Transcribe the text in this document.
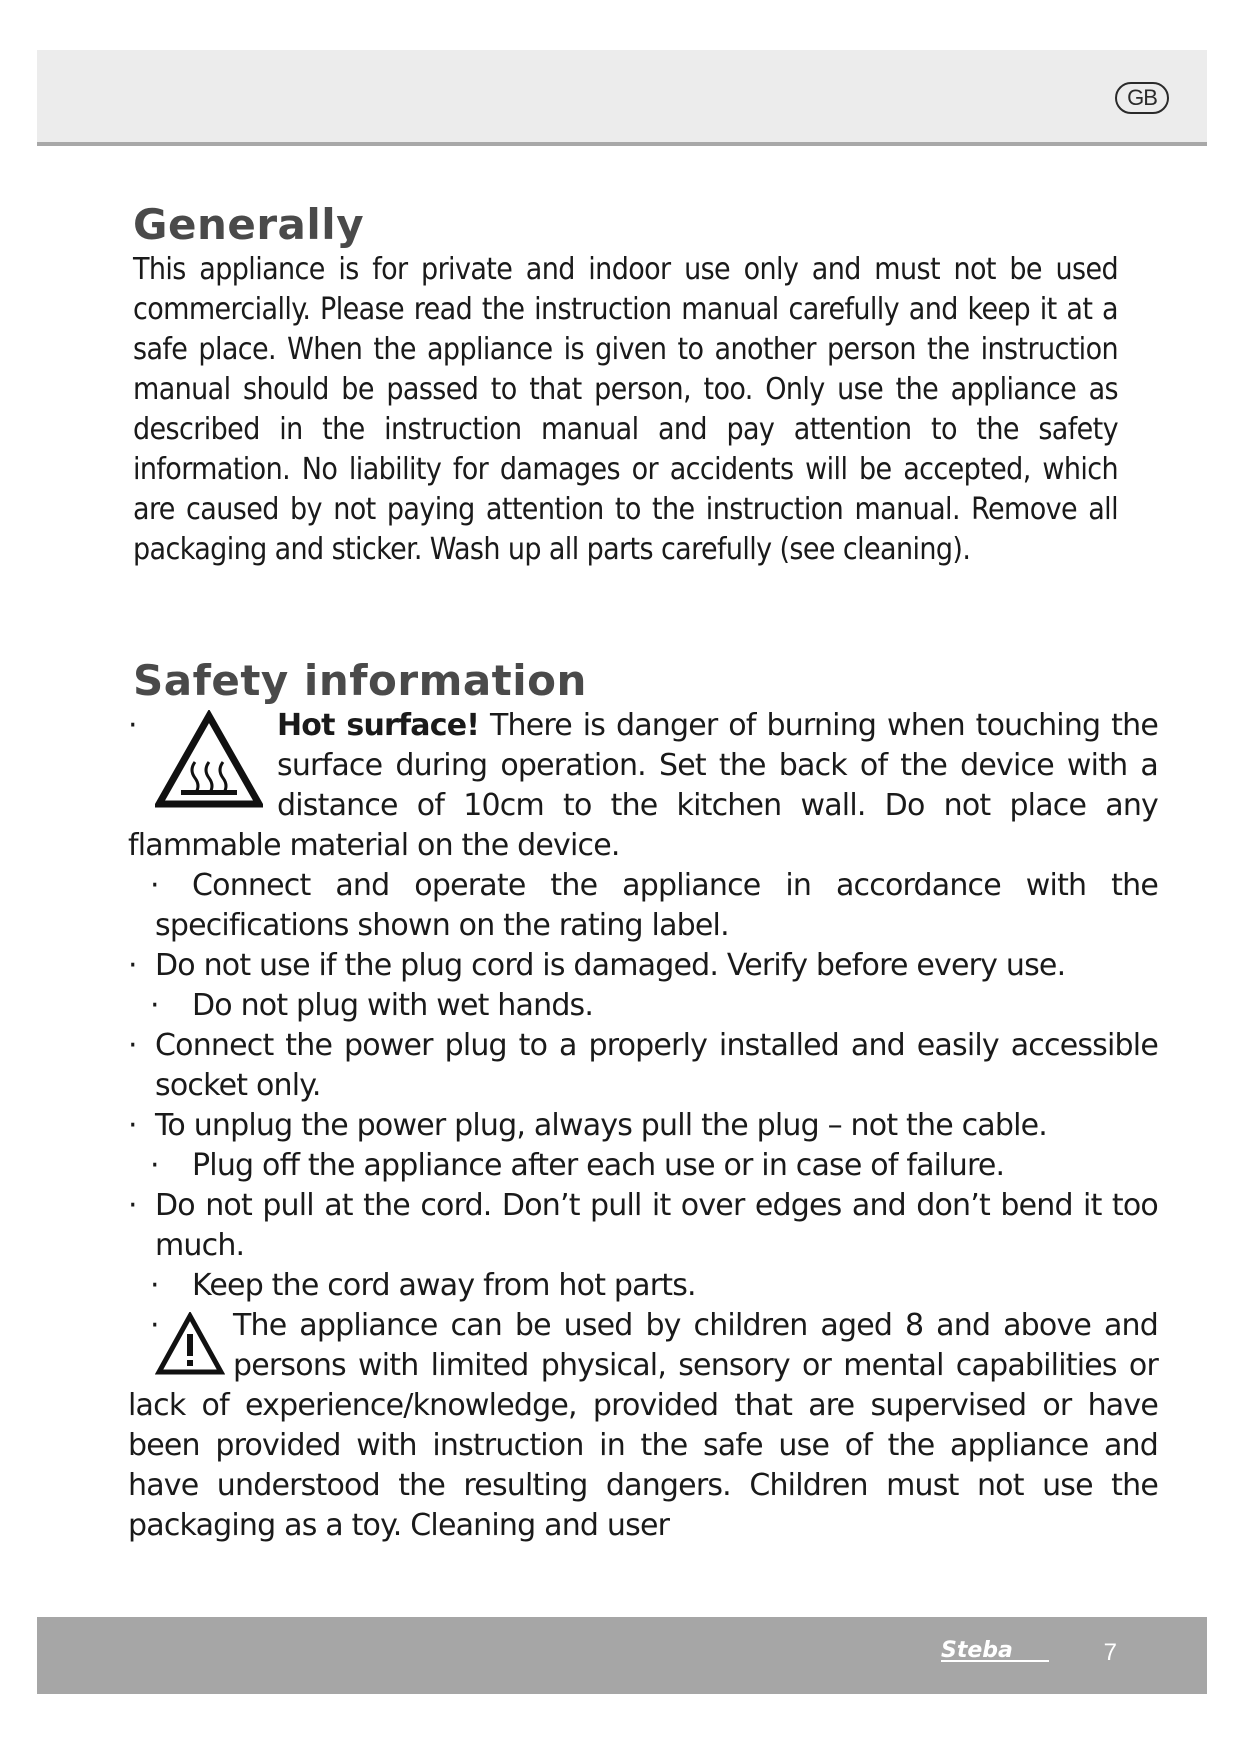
GB
Generally

This appliance is for private and indoor use only and must not be used commercially. Please read the instruction manual carefully and keep it at a safe place. When the appliance is given to another person the instruction manual should be passed to that person, too. Only use the appliance as described in the instruction manual and pay attention to the safety information. No liability for damages or accidents will be accepted, which are caused by not paying attention to the instruction manual. Remove all packaging and sticker. Wash up all parts carefully (see cleaning).

Safety information
·	Hot surface! There is danger of burning when touching the surface during operation. Set the back of the device with a distance of 10cm to the kitchen wall. Do not place any flammable material on the device.
·	Connect and operate the appliance in accordance with the specifications shown on the rating label.
· Do not use if the plug cord is damaged. Verify before every use.
·	Do not plug with wet hands.
· Connect the power plug to a properly installed and easily accessible socket only.
· To unplug the power plug, always pull the plug – not the cable.
·	Plug off the appliance after each use or in case of failure.
· Do not pull at the cord. Don’t pull it over edges and don’t bend it too much.
·	Keep the cord away from hot parts.
·	The appliance can be used by children aged 8 and above and persons with limited physical, sensory or mental capabilities or lack of experience/knowledge, provided that are supervised or have been provided with instruction in the safe use of the appliance and have understood the resulting dangers. Children must not use the packaging as a toy. Cleaning and user
Steba	7
